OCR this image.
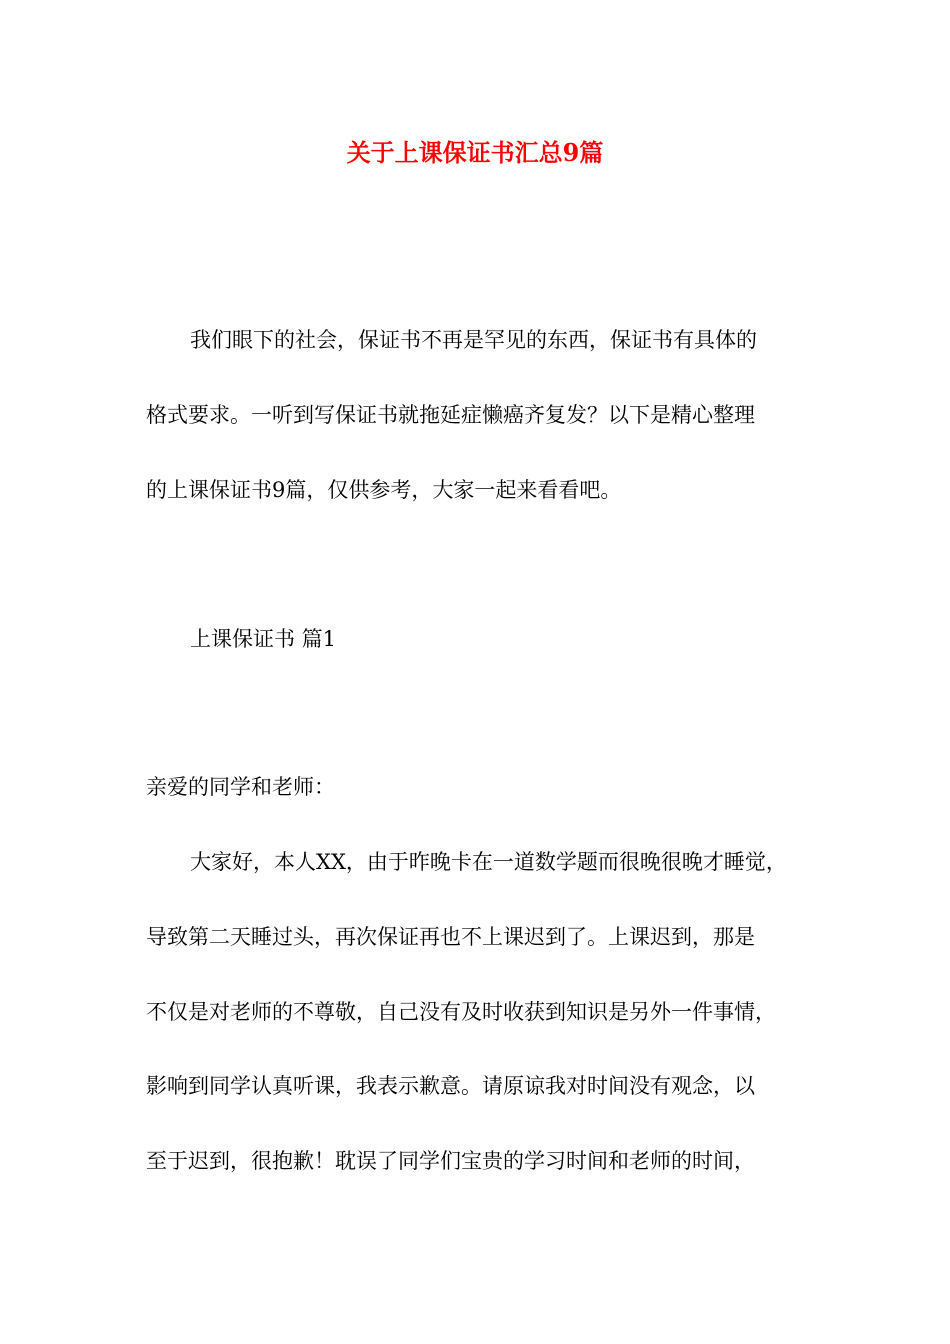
关于上课保证书汇总9篇
我们眼下的社会，保证书不再是罕见的东西，保证书有具体的
格式要求。一听到写保证书就拖延症懒癌齐复发？以下是精心整理
的上课保证书9篇，仅供参考，大家一起来看看吧。
上课保证书 篇1
亲爱的同学和老师：
大家好，本人XX，由于昨晚卡在一道数学题而很晚很晚才睡觉，
导致第二天睡过头，再次保证再也不上课迟到了。上课迟到，那是
不仅是对老师的不尊敬，自己没有及时收获到知识是另外一件事情，
影响到同学认真听课，我表示歉意。请原谅我对时间没有观念，以
至于迟到，很抱歉！耽误了同学们宝贵的学习时间和老师的时间，
